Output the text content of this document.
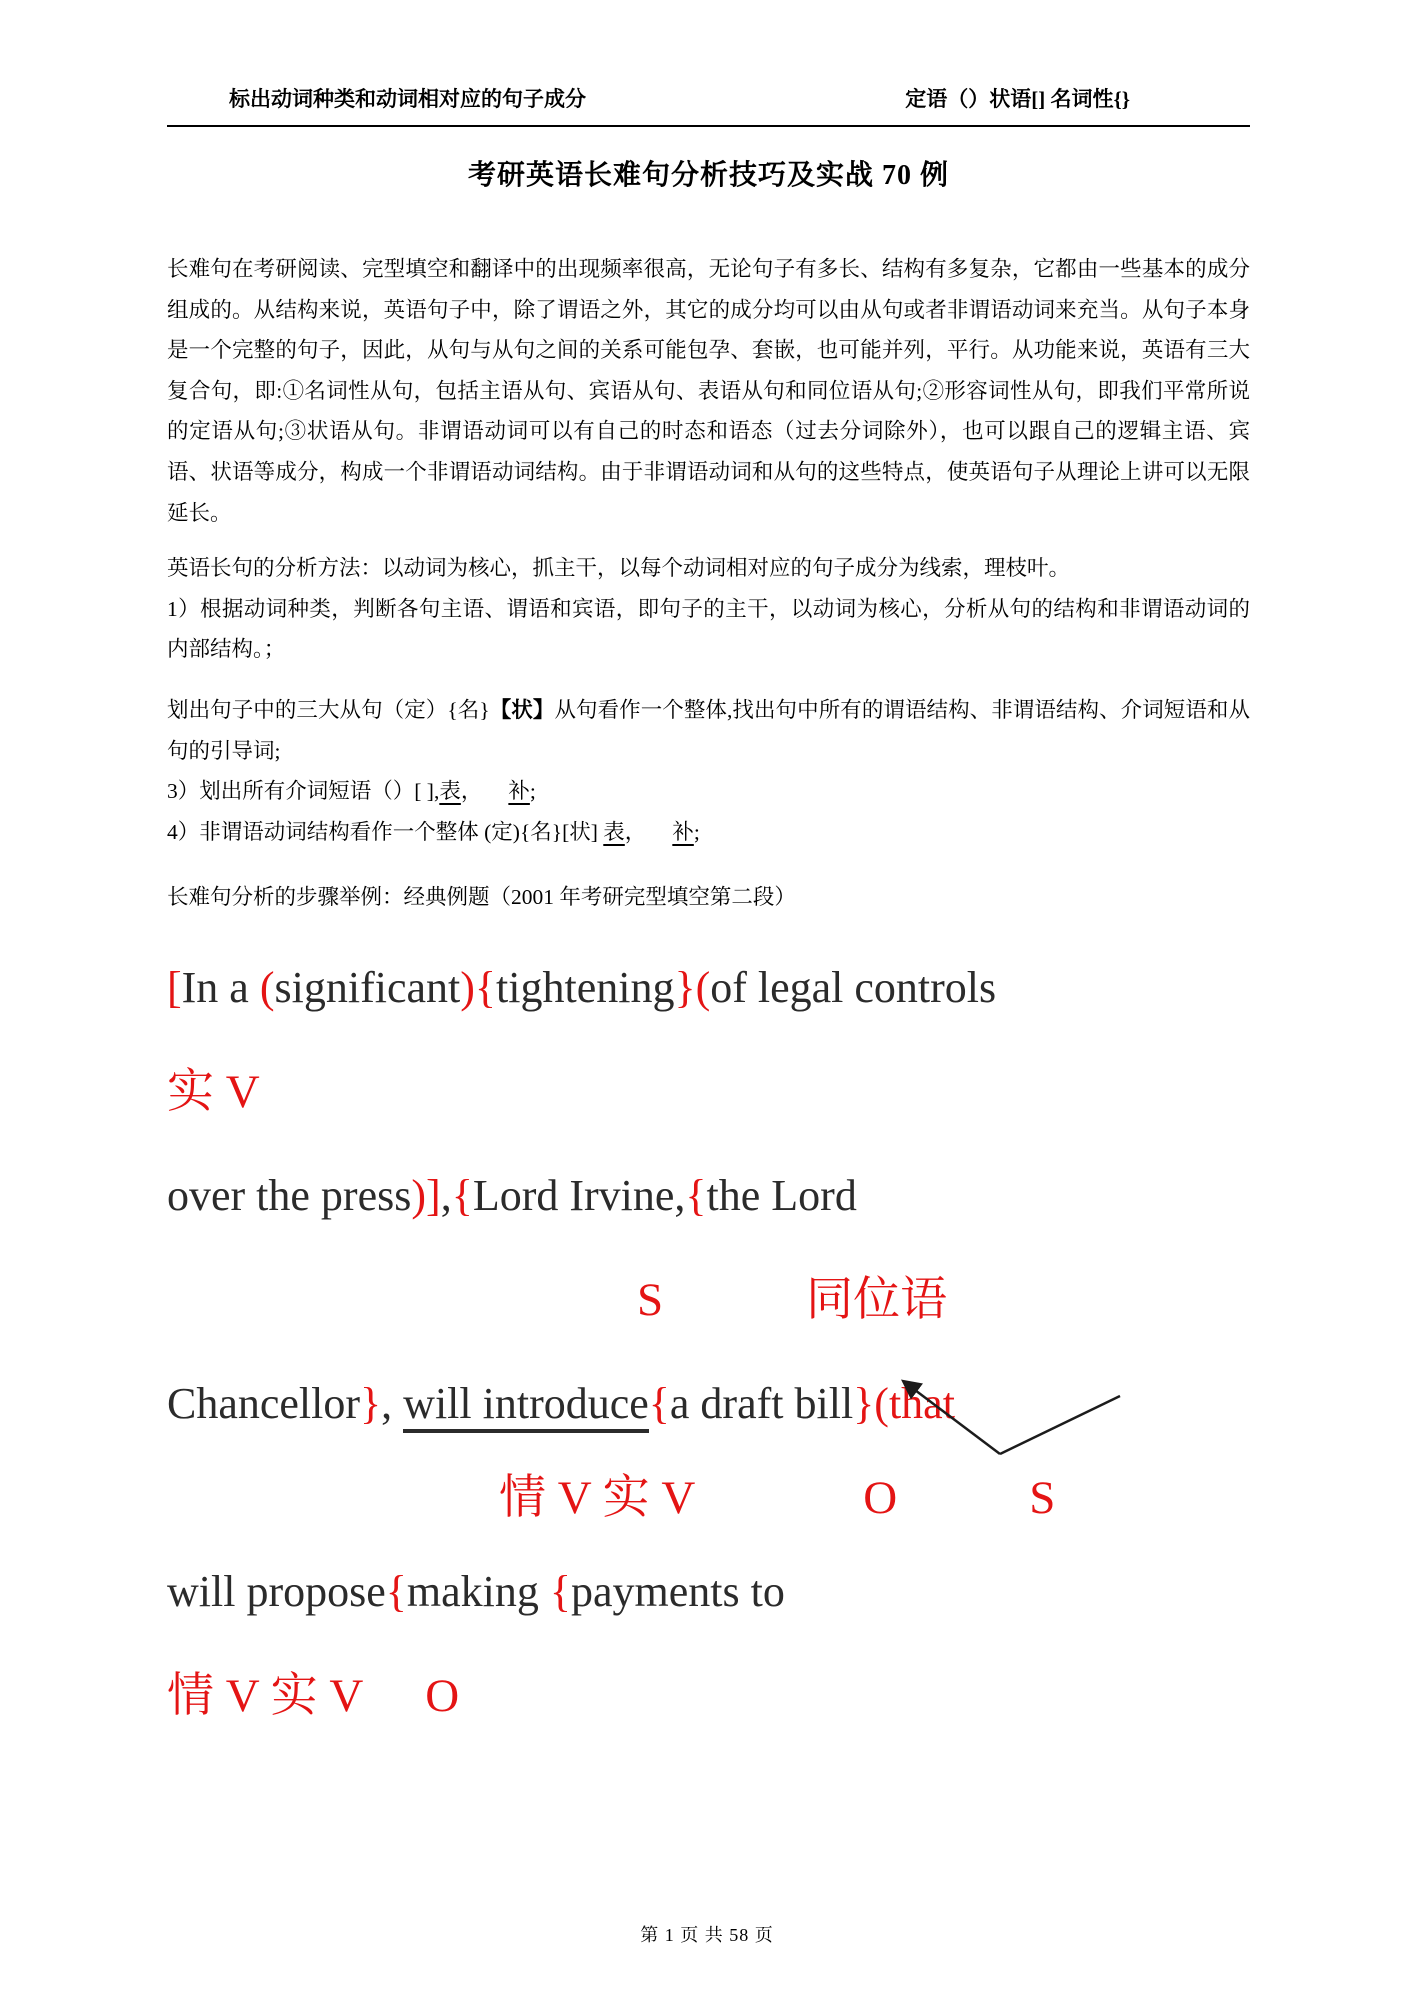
标出动词种类和动词相对应的句子成分	定语（）状语[] 名词性{}
考研英语长难句分析技巧及实战 70 例

长难句在考研阅读、完型填空和翻译中的出现频率很高，无论句子有多长、结构有多复杂，它都由一些基本的成分组成的。从结构来说，英语句子中，除了谓语之外，其它的成分均可以由从句或者非谓语动词来充当。从句子本身是一个完整的句子，因此，从句与从句之间的关系可能包孕、套嵌，也可能并列，平行。从功能来说，英语有三大复合句，即:①名词性从句，包括主语从句、宾语从句、表语从句和同位语从句;②形容词性从句，即我们平常所说的定语从句;③状语从句。非谓语动词可以有自己的时态和语态（过去分词除外），也可以跟自己的逻辑主语、宾语、状语等成分，构成一个非谓语动词结构。由于非谓语动词和从句的这些特点，使英语句子从理论上讲可以无限延长。

英语长句的分析方法：以动词为核心，抓主干，以每个动词相对应的句子成分为线索，理枝叶。

1）根据动词种类，判断各句主语、谓语和宾语，即句子的主干，以动词为核心，分析从句的结构和非谓语动词的内部结构。；

划出句子中的三大从句（定）{名}【状】从句看作一个整体,找出句中所有的谓语结构、非谓语结构、介词短语和从句的引导词;

3）划出所有介词短语（）[ ],表， 补;

4）非谓语动词结构看作一个整体 (定){名}[状] 表， 补;

长难句分析的步骤举例：经典例题（2001 年考研完型填空第二段）

[In a (significant){tightening}(of legal controls
实 V
over the press)],{Lord Irvine,{the Lord
S	同位语
Chancellor}, will introduce{a draft bill}(that
情 V 实 V	O	S
will propose{making {payments to
情 V 实 V O
第 1 页 共 58 页
